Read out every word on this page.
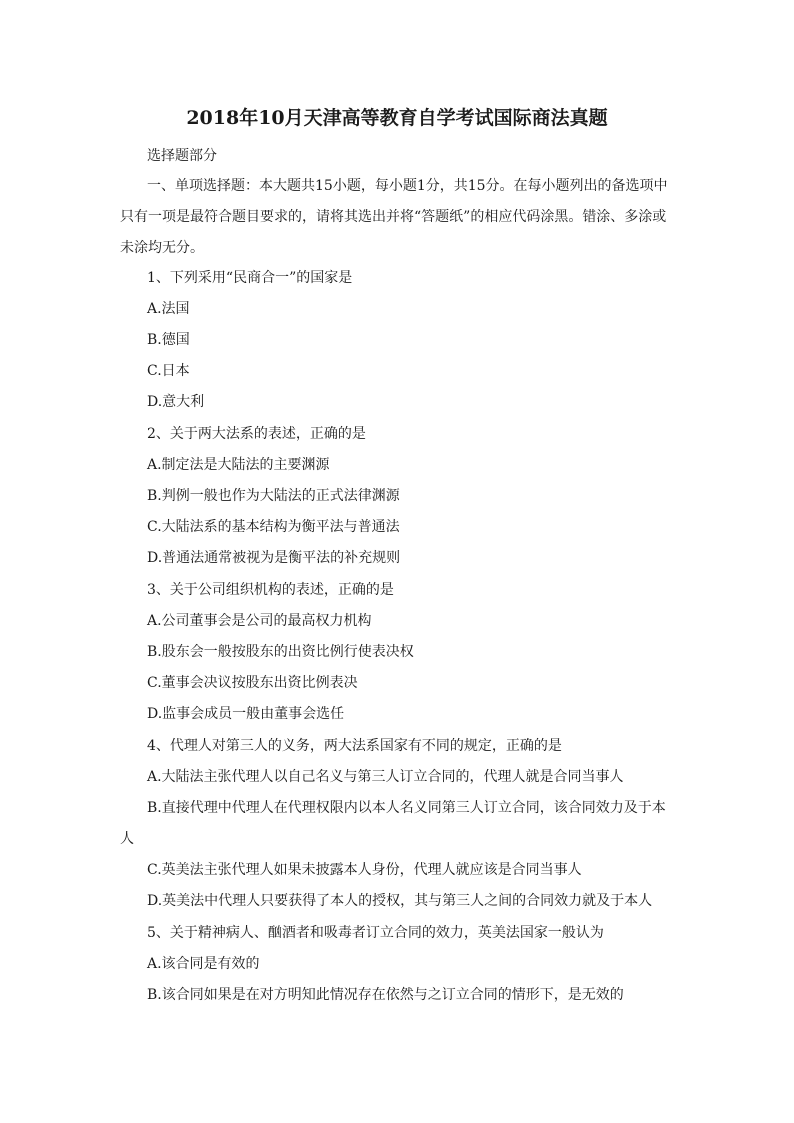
2018年10月天津高等教育自学考试国际商法真题
选择题部分

一、单项选择题：本大题共15小题，每小题1分，共15分。在每小题列出的备选项中只有一项是最符合题目要求的，请将其选出并将“答题纸”的相应代码涂黑。错涂、多涂或未涂均无分。

1、下列采用“民商合一”的国家是
A.法国
B.德国
C.日本
D.意大利
2、关于两大法系的表述，正确的是
A.制定法是大陆法的主要渊源
B.判例一般也作为大陆法的正式法律渊源
C.大陆法系的基本结构为衡平法与普通法
D.普通法通常被视为是衡平法的补充规则
3、关于公司组织机构的表述，正确的是
A.公司董事会是公司的最高权力机构
B.股东会一般按股东的出资比例行使表决权
C.董事会决议按股东出资比例表决
D.监事会成员一般由董事会选任
4、代理人对第三人的义务，两大法系国家有不同的规定，正确的是
A.大陆法主张代理人以自己名义与第三人订立合同的，代理人就是合同当事人

B.直接代理中代理人在代理权限内以本人名义同第三人订立合同，该合同效力及于本人

C.英美法主张代理人如果未披露本人身份，代理人就应该是合同当事人
D.英美法中代理人只要获得了本人的授权，其与第三人之间的合同效力就及于本人
5、关于精神病人、酗酒者和吸毒者订立合同的效力，英美法国家一般认为
A.该合同是有效的
B.该合同如果是在对方明知此情况存在依然与之订立合同的情形下，是无效的
